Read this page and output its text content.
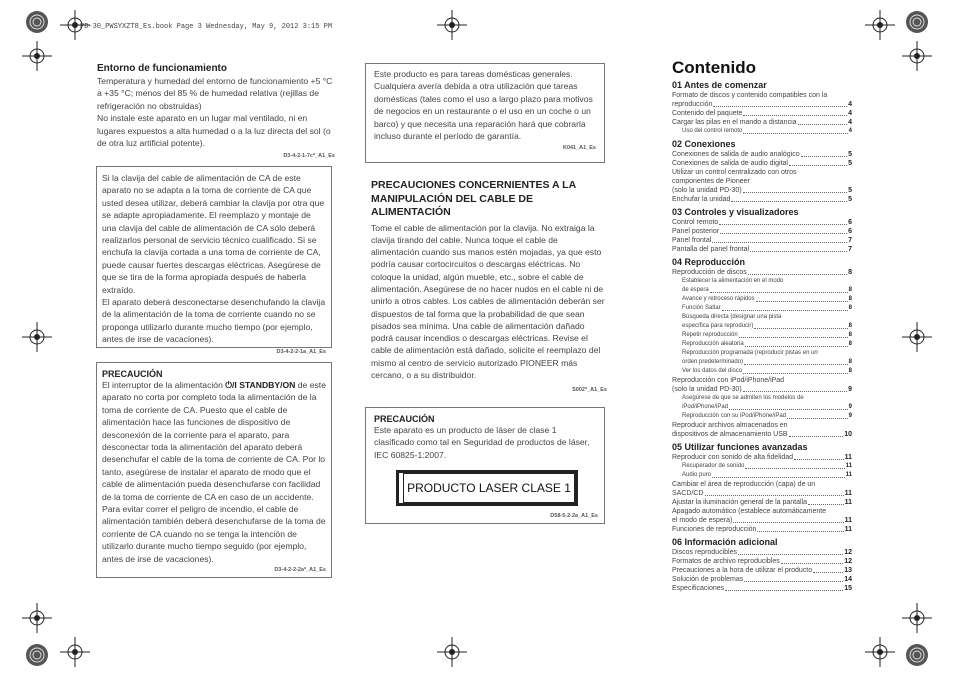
PD-30_PWSYXZT8_Es.book Page 3 Wednesday, May 9, 2012 3:15 PM
Entorno de funcionamiento
Temperatura y humedad del entorno de funcionamiento +5 °C a +35 °C; menos del 85 % de humedad relativa (rejillas de refrigeración no obstruidas)
No instale este aparato en un lugar mal ventilado, ni en lugares expuestos a alta humedad o a la luz directa del sol (o de otra luz artificial potente).
D3-4-2-1-7c*_A1_Es
Si la clavija del cable de alimentación de CA de este aparato no se adapta a la toma de corriente de CA que usted desea utilizar, deberá cambiar la clavija por otra que se adapte apropiadamente. El reemplazo y montaje de una clavija del cable de alimentación de CA sólo deberá realizarlos personal de servicio técnico cualificado. Si se enchufa la clavija cortada a una toma de corriente de CA, puede causar fuertes descargas eléctricas. Asegúrese de que se tira de la forma apropiada después de haberla extraído.
El aparato deberá desconectarse desenchufando la clavija de la alimentación de la toma de corriente cuando no se proponga utilizarlo durante mucho tiempo (por ejemplo, antes de irse de vacaciones).
D3-4-2-2-1a_A1_Es
PRECAUCIÓN
El interruptor de la alimentación ⏻/I STANDBY/ON de este aparato no corta por completo toda la alimentación de la toma de corriente de CA. Puesto que el cable de alimentación hace las funciones de dispositivo de desconexión de la corriente para el aparato, para desconectar toda la alimentación del aparato deberá desenchufar el cable de la toma de corriente de CA. Por lo tanto, asegúrese de instalar el aparato de modo que el cable de alimentación pueda desenchufarse con facilidad de la toma de corriente de CA en caso de un accidente. Para evitar correr el peligro de incendio, el cable de alimentación también deberá desenchufarse de la toma de corriente de CA cuando no se tenga la intención de utilizarlo durante mucho tiempo seguido (por ejemplo, antes de irse de vacaciones).
D3-4-2-2-2a*_A1_Es
Este producto es para tareas domésticas generales. Cualquiera avería debida a otra utilización que tareas domésticas (tales como el uso a largo plazo para motivos de negocios en un restaurante o el uso en un coche o un barco) y que necesita una reparación hará que cobrarla incluso durante el período de garantía.
K041_A1_Es
PRECAUCIONES CONCERNIENTES A LA MANIPULACIÓN DEL CABLE DE ALIMENTACIÓN
Tome el cable de alimentación por la clavija. No extraiga la clavija tirando del cable. Nunca toque el cable de alimentación cuando sus manos estén mojadas, ya que esto podría causar cortocircuitos o descargas eléctricas. No coloque la unidad, algún mueble, etc., sobre el cable de alimentación. Asegúrese de no hacer nudos en el cable ni de unirlo a otros cables. Los cables de alimentación deberán ser dispuestos de tal forma que la probabilidad de que sean pisados sea mínima. Una cable de alimentación dañado podrá causar incendios o descargas eléctricas. Revise el cable de alimentación está dañado, solicite el reemplazo del mismo al centro de servicio autorizado PIONEER más cercano, o a su distribuidor.
S002*_A1_Es
PRECAUCIÓN
Este aparato es un producto de láser de clase 1 clasificado como tal en Seguridad de productos de láser, IEC 60825-1:2007.
D58-5-2-2a_A1_Es
PRODUCTO LASER CLASE 1
Contenido
01 Antes de comenzar
Formato de discos y contenido compatibles con la
reproducción	4
Contenido del paquete	4
Cargar las pilas en el mando a distancia	4
Uso del control remoto	4
02 Conexiones
Conexiones de salida de audio analógico	5
Conexiones de salida de audio digital	5
Utilizar un control centralizado con otros
componentes de Pioneer
(solo la unidad PD-30)	5
Enchufar la unidad	5
03 Controles y visualizadores
Control remoto	6
Panel posterior	6
Panel frontal	7
Pantalla del panel frontal	7
04 Reproducción
Reproducción de discos	8
Establecer la alimentación en el modo
de espera	8
Avance y retroceso rápidos	8
Función Saltar	8
Búsqueda directa (designar una pista
específica para reproducir)	8
Repetir reproducción	8
Reproducción aleatoria	8
Reproducción programada (reproducir pistas en un
orden predeterminado)	8
Ver los datos del disco	8
Reproducción con iPod/iPhone/iPad
(solo la unidad PD-30)	9
Asegúrese de que se admiten los modelos de
iPod/iPhone/iPad	9
Reproducción con su iPod/iPhone/iPad	9
Reproducir archivos almacenados en
dispositivos de almacenamiento USB	10
05 Utilizar funciones avanzadas
Reproducir con sonido de alta fidelidad	11
Recuperador de sonido	11
Audio puro	11
Cambiar el área de reproducción (capa) de un
SACD/CD	11
Ajustar la iluminación general de la pantalla	11
Apagado automático (establece automáticamente
el modo de espera)	11
Funciones de reproducción	11
06 Información adicional
Discos reproducibles	12
Formatos de archivo reproducibles	12
Precauciones a la hora de utilizar el producto	13
Solución de problemas	14
Especificaciones	15
